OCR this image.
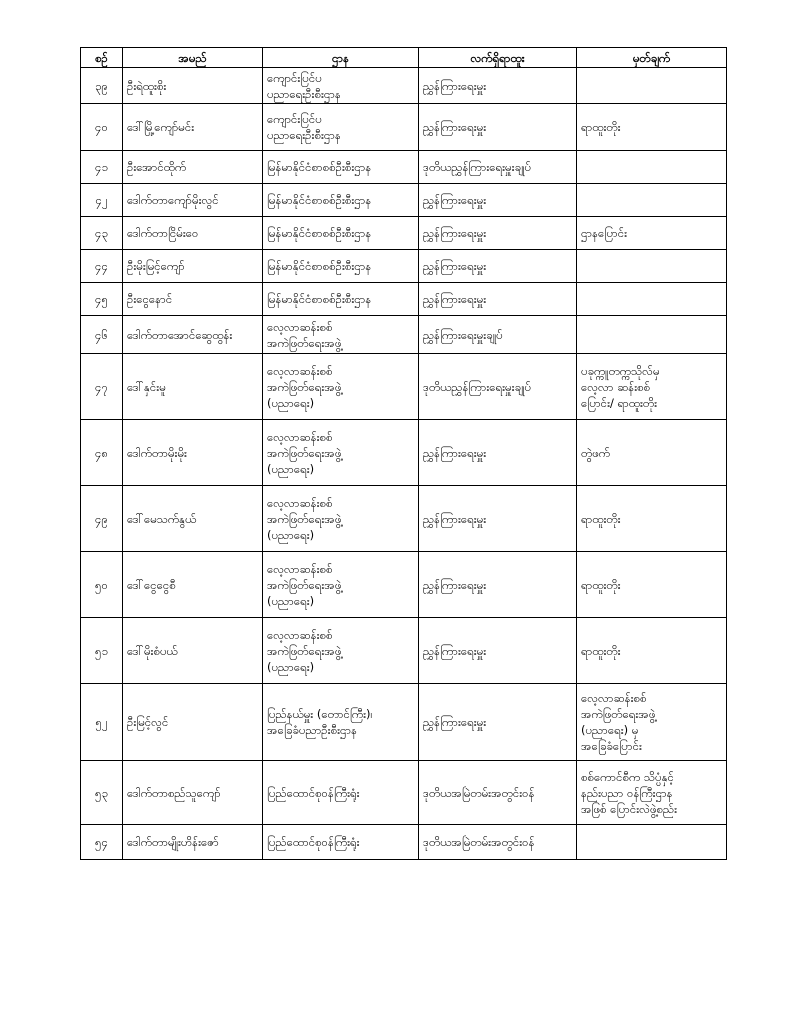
စဉ်	အမည်	ဌာန	လက်ရှိရာထူး	မှတ်ချက်

၃၉	ဦးရဲထူးစိုး	ကျောင်းပြင်ပ
ပညာရေးဦးစီးဌာန	ညွှန်ကြားရေးမှူး	

၄၀	ဒေါ်မြို့ကျော်မင်း	ကျောင်းပြင်ပ
ပညာရေးဦးစီးဌာန	ညွှန်ကြားရေးမှူး	ရာထူးတိုး

၄၁	ဦးအောင်ထိုက်	မြန်မာနိုင်ငံစာစစ်ဦးစီးဌာန	ဒုတိယညွှန်ကြားရေးမှူးချုပ်	

၄၂	ဒေါက်တာကျော်မိုးလွင်	မြန်မာနိုင်ငံစာစစ်ဦးစီးဌာန	ညွှန်ကြားရေးမှူး	

၄၃	ဒေါက်တာငြိမ်းဝေ	မြန်မာနိုင်ငံစာစစ်ဦးစီးဌာန	ညွှန်ကြားရေးမှူး	ဌာနပြောင်း

၄၄	ဦးမိုးမြင့်ကျော်	မြန်မာနိုင်ငံစာစစ်ဦးစီးဌာန	ညွှန်ကြားရေးမှူး	

၄၅	ဦးငွေနောင်	မြန်မာနိုင်ငံစာစစ်ဦးစီးဌာန	ညွှန်ကြားရေးမှူး	

၄၆	ဒေါက်တာအောင်ဆွေထွန်း	လေ့လာဆန်းစစ်
အကဲဖြတ်ရေးအဖွဲ့	ညွှန်ကြားရေးမှူးချုပ်	

၄၇	ဒေါ်နှင်းမူ	လေ့လာဆန်းစစ်
အကဲဖြတ်ရေးအဖွဲ့
(ပညာရေး)	ဒုတိယညွှန်ကြားရေးမှူးချုပ်	ပခုက္ကူတက္ကသိုလ်မှ
လေ့လာ ဆန်းစစ်
ပြောင်း/ ရာထူးတိုး

၄၈	ဒေါက်တာမိုးမိုး	လေ့လာဆန်းစစ်
အကဲဖြတ်ရေးအဖွဲ့
(ပညာရေး)	ညွှန်ကြားရေးမှူး	တွဲဖက်

၄၉	ဒေါ်မေသက်နွယ်	လေ့လာဆန်းစစ်
အကဲဖြတ်ရေးအဖွဲ့
(ပညာရေး)	ညွှန်ကြားရေးမှူး	ရာထူးတိုး

၅၀	ဒေါ်ငွေငွေစီ	လေ့လာဆန်းစစ်
အကဲဖြတ်ရေးအဖွဲ့
(ပညာရေး)	ညွှန်ကြားရေးမှူး	ရာထူးတိုး

၅၁	ဒေါ်မိုးစံပယ်	လေ့လာဆန်းစစ်
အကဲဖြတ်ရေးအဖွဲ့
(ပညာရေး)	ညွှန်ကြားရေးမှူး	ရာထူးတိုး

၅၂	ဦးမြင့်လွင်	ပြည်နယ်မှူး (တောင်ကြီး)၊
အခြေခံပညာဦးစီးဌာန	ညွှန်ကြားရေးမှူး	လေ့လာဆန်းစစ်
အကဲဖြတ်ရေးအဖွဲ့
(ပညာရေး) မှ
အခြေခံပြောင်း

၅၃	ဒေါက်တာစည်သူကျော်	ပြည်ထောင်စုဝန်ကြီးရုံး	ဒုတိယအမြဲတမ်းအတွင်းဝန်	စစ်ကောင်စီက သိပ္ပံနှင့်
နည်းပညာ ဝန်ကြီးဌာန
အဖြစ် ပြောင်းလဲဖွဲ့စည်း

၅၄	ဒေါက်တာမျိုးဟိန်းဇော်	ပြည်ထောင်စုဝန်ကြီးရုံး	ဒုတိယအမြဲတမ်းအတွင်းဝန်	
